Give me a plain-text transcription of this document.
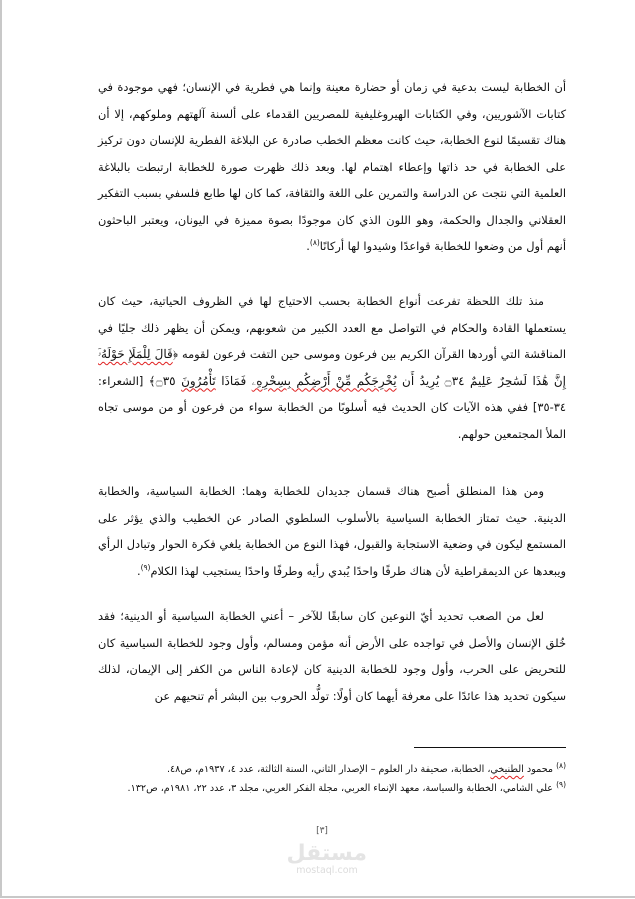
أن الخطابة ليست بدعية في زمان أو حضارة معينة وإنما هي فطرية في الإنسان؛ فهي موجودة في كتابات الآشوريين، وفي الكتابات الهيروغليفية للمصريين القدماء على ألسنة آلهتهم وملوكهم، إلا أن هناك تقسيمًا لنوع الخطابة، حيث كانت معظم الخطب صادرة عن البلاغة الفطرية للإنسان دون تركيز على الخطابة في حد ذاتها وإعطاء اهتمام لها. وبعد ذلك ظهرت صورة للخطابة ارتبطت بالبلاغة العلمية التي نتجت عن الدراسة والتمرين على اللغة والثقافة، كما كان لها طابع فلسفي بسبب التفكير العقلاني والجدال والحكمة، وهو اللون الذي كان موجودًا بصوة مميزة في اليونان، ويعتبر الباحثون أنهم أول من وضعوا للخطابة قواعدًا وشيدوا لها أركانًا$^{(٨)}$.

منذ تلك اللحظة تفرعت أنواع الخطابة بحسب الاحتياج لها في الظروف الحياتية، حيث كان يستعملها القادة والحكام في التواصل مع العدد الكبير من شعوبهم، ويمكن أن يظهر ذلك جليًا في المناقشة التي أوردها القرآن الكريم بين فرعون وموسى حين التفت فرعون لقومه ﴿قَالَ لِلْمَلَإِ حَوْلَهُۥٓ إِنَّ هَٰذَا لَسَٰحِرٌ عَلِيمٌ ۝٣٤ يُرِيدُ أَن يُخْرِجَكُم مِّنْ أَرْضِكُم بِسِحْرِهِۦ فَمَاذَا تَأْمُرُونَ ۝٣٥﴾ [الشعراء: ٣٤-٣٥] ففي هذه الآيات كان الحديث فيه أسلوبًا من الخطابة سواء من فرعون أو من موسى تجاه الملأ المجتمعين حولهم.

ومن هذا المنطلق أصبح هناك قسمان جديدان للخطابة وهما: الخطابة السياسية، والخطابة الدينية. حيث تمتاز الخطابة السياسية بالأسلوب السلطوي الصادر عن الخطيب والذي يؤثر على المستمع ليكون في وضعية الاستجابة والقبول، فهذا النوع من الخطابة يلغي فكرة الحوار وتبادل الرأي ويبعدها عن الديمقراطية لأن هناك طرفًا واحدًا يُبدي رأيه وطرفًا واحدًا يستجيب لهذا الكلام$^{(٩)}$.

لعل من الصعب تحديد أيّ النوعين كان سابقًا للآخر – أعني الخطابة السياسية أو الدينية؛ فقد خُلق الإنسان والأصل في تواجده على الأرض أنه مؤمن ومسالم، وأول وجود للخطابة السياسية كان للتحريض على الحرب، وأول وجود للخطابة الدينية كان لإعادة الناس من الكفر إلى الإيمان، لذلك سيكون تحديد هذا عائدًا على معرفة أيهما كان أولًا: تولُّد الحروب بين البشر أم تنحيهم عن

$^{(٨)}$ محمود الطنيخي، الخطابة، صحيفة دار العلوم – الإصدار الثاني، السنة الثالثة، عدد ٤، ١٩٣٧م، ص٤٨.

$^{(٩)}$ علي الشامي، الخطابة والسياسة، معهد الإنماء العربي، مجلة الفكر العربي، مجلد ٣، عدد ٢٢، ١٩٨١م، ص١٣٢.

[٣]
مستقل
mostaql.com
